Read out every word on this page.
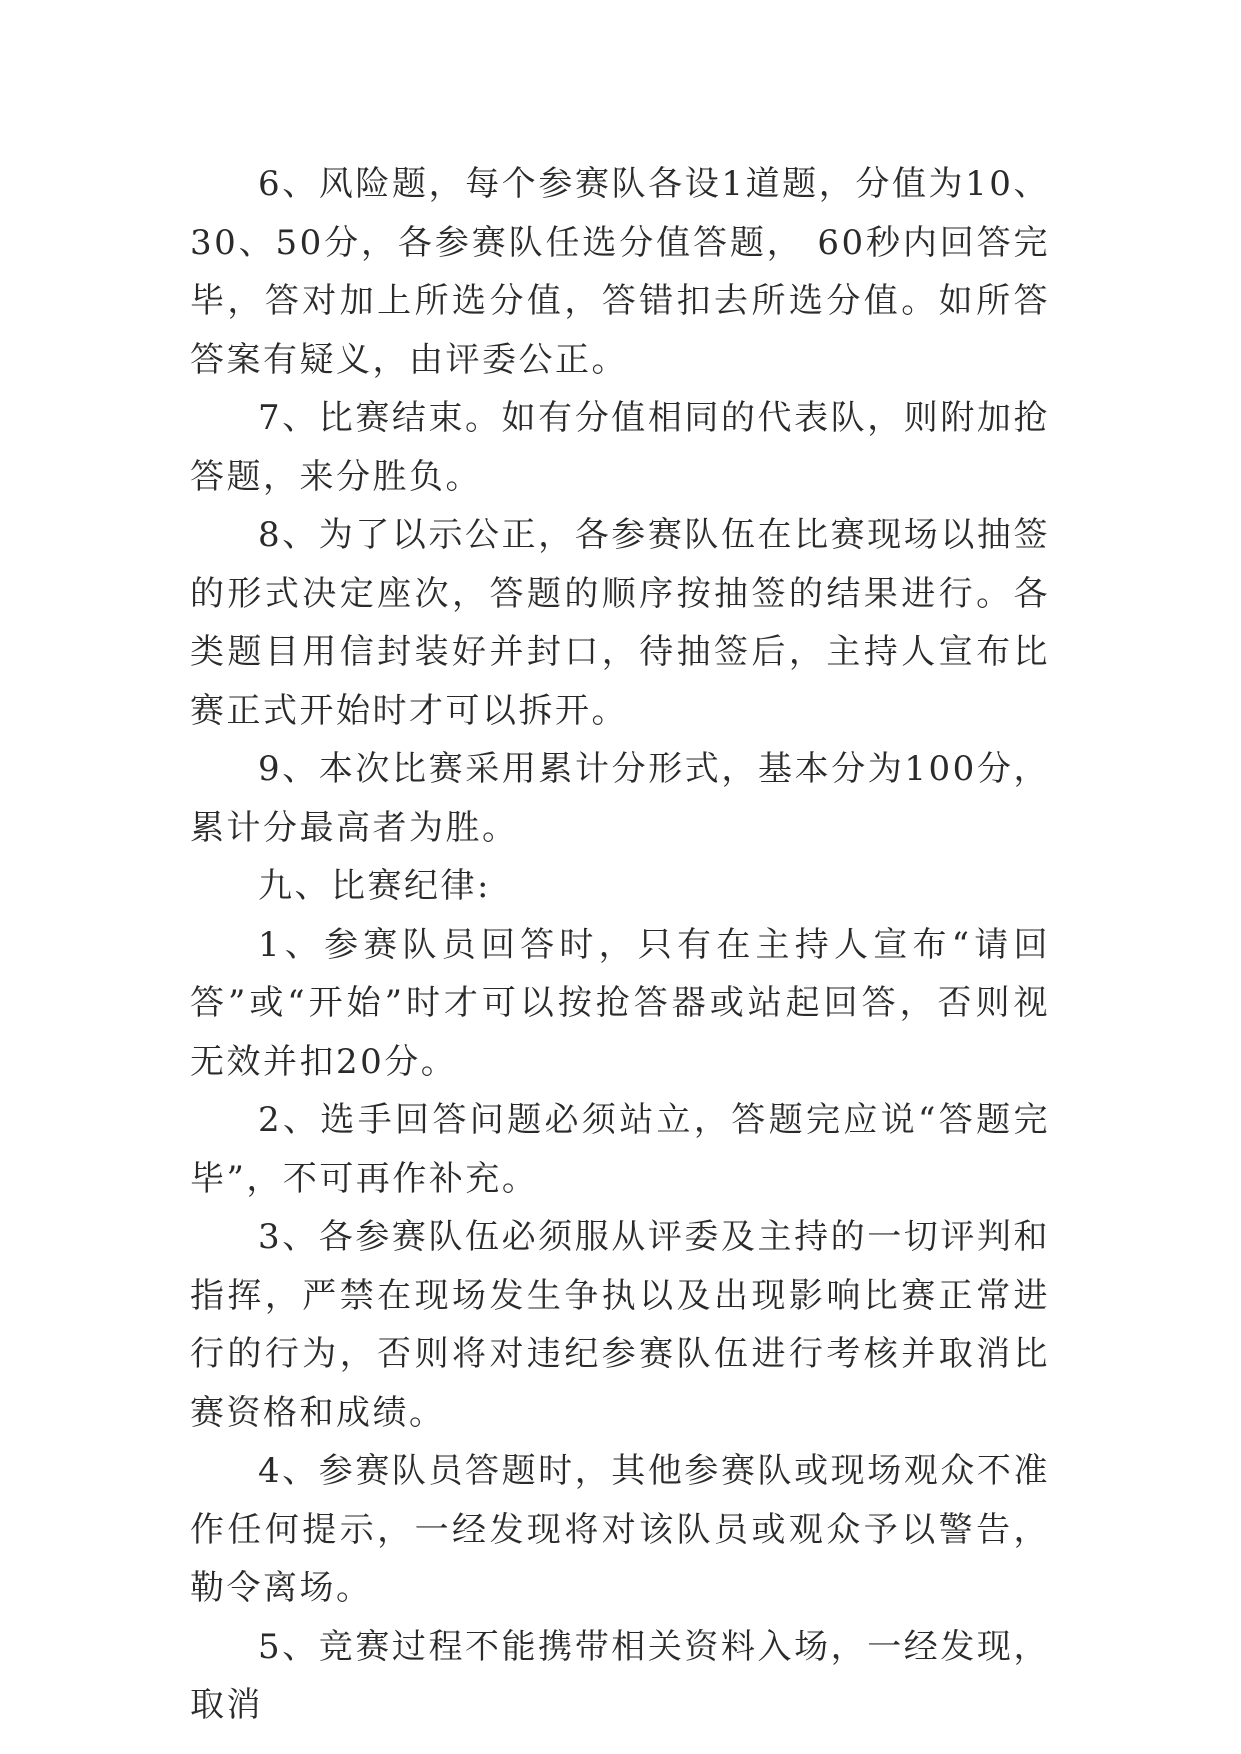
6、风险题，每个参赛队各设1道题，分值为10、30、50分，各参赛队任选分值答题， 60秒内回答完毕，答对加上所选分值，答错扣去所选分值。如所答答案有疑义，由评委公正。

7、比赛结束。如有分值相同的代表队，则附加抢答题，来分胜负。

8、为了以示公正，各参赛队伍在比赛现场以抽签的形式决定座次，答题的顺序按抽签的结果进行。各类题目用信封装好并封口，待抽签后，主持人宣布比赛正式开始时才可以拆开。

9、本次比赛采用累计分形式，基本分为100分，累计分最高者为胜。

九、比赛纪律:

1、参赛队员回答时，只有在主持人宣布“请回答”或“开始”时才可以按抢答器或站起回答，否则视无效并扣20分。

2、选手回答问题必须站立，答题完应说“答题完毕”，不可再作补充。

3、各参赛队伍必须服从评委及主持的一切评判和指挥，严禁在现场发生争执以及出现影响比赛正常进行的行为，否则将对违纪参赛队伍进行考核并取消比赛资格和成绩。

4、参赛队员答题时，其他参赛队或现场观众不准作任何提示，一经发现将对该队员或观众予以警告，勒令离场。

5、竞赛过程不能携带相关资料入场，一经发现，取消
